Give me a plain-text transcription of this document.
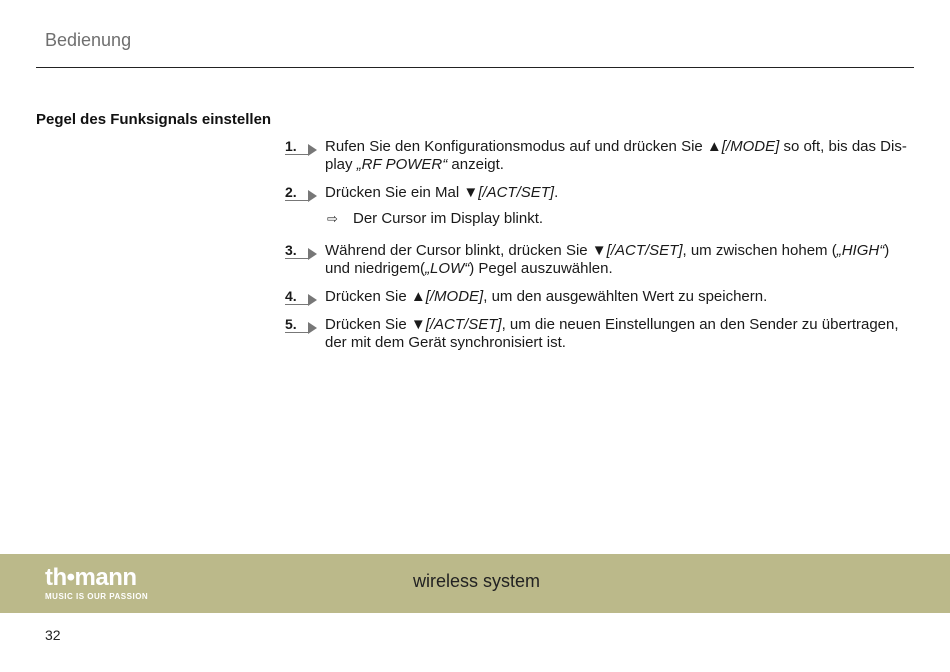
Bedienung
Pegel des Funksignals einstellen
1.	Rufen Sie den Konfigurationsmodus auf und drücken Sie ▲[/MODE] so oft, bis das Dis-play „RF POWER“ anzeigt.
2.	Drücken Sie ein Mal ▼[/ACT/SET].
⇨ Der Cursor im Display blinkt.
3.	Während der Cursor blinkt, drücken Sie ▼[/ACT/SET], um zwischen hohem („HIGH“) und niedrigem(„LOW“) Pegel auszuwählen.
4.	Drücken Sie ▲[/MODE], um den ausgewählten Wert zu speichern.
5.	Drücken Sie ▼[/ACT/SET], um die neuen Einstellungen an den Sender zu übertragen, der mit dem Gerät synchronisiert ist.
th•mann
MUSIC IS OUR PASSION
wireless system
32
